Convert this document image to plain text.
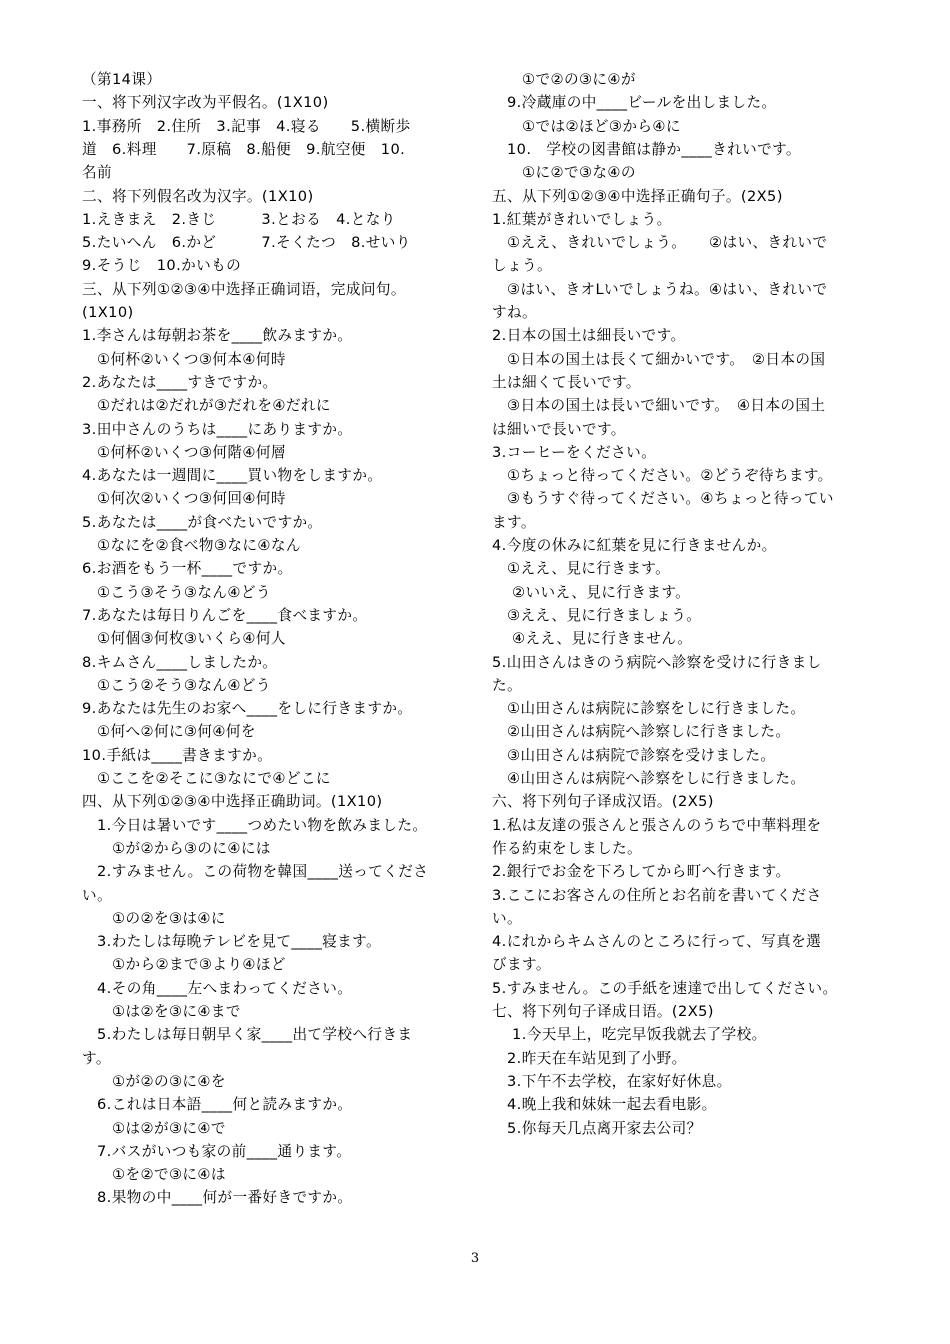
（第14课）
一、将下列汉字改为平假名。(1X10)
1.事務所　2.住所　3.記事　4.寝る　　5.横断歩
道　6.料理　　7.原稿　8.船便　9.航空便　10.
名前
二、将下列假名改为汉字。(1X10)
1.えきまえ　2.きじ　　　3.とおる　4.となり
5.たいへん　6.かど　　　7.そくたつ　8.せいり
9.そうじ　10.かいもの
三、从下列①②③④中选择正确词语，完成问句。
(1X10)
1.李さんは毎朝お茶を____飲みますか。
　①何杯②いくつ③何本④何時
2.あなたは____すきですか。
　①だれは②だれが③だれを④だれに
3.田中さんのうちは____にありますか。
　①何杯②いくつ③何階④何層
4.あなたは一週間に____買い物をしますか。
　①何次②いくつ③何回④何時
5.あなたは____が食べたいですか。
　①なにを②食べ物③なに④なん
6.お酒をもう一杯____ですか。
　①こう③そう③なん④どう
7.あなたは毎日りんごを____食べますか。
　①何個③何枚③いくら④何人
8.キムさん____しましたか。
　①こう②そう③なん④どう
9.あなたは先生のお家へ____をしに行きますか。
　①何へ②何に③何④何を
10.手紙は____書きますか。
　①ここを②そこに③なにで④どこに
四、从下列①②③④中选择正确助词。(1X10)
　1.今日は暑いです____つめたい物を飲みました。
　　①が②から③のに④には
　2.すみません。この荷物を韓国____送ってくださ
い。
　　①の②を③は④に
　3.わたしは毎晩テレビを見て____寝ます。
　　①から②まで③より④ほど
　4.その角____左へまわってください。
　　①は②を③に④まで
　5.わたしは毎日朝早く家____出て学校へ行きま
す。
　　①が②の③に④を
　6.これは日本語____何と読みますか。
　　①は②が③に④で
　7.バスがいつも家の前____通ります。
　　①を②で③に④は
　8.果物の中____何が一番好きですか。
　　①で②の③に④が
　9.冷蔵庫の中____ビールを出しました。
　　①では②ほど③から④に
　10.　学校の図書館は静か____きれいです。
　　①に②で③な④の
五、从下列①②③④中选择正确句子。(2X5)
1.紅葉がきれいでしょう。
　①ええ、きれいでしょう。　　②はい、きれいで
しょう。
　③はい、きオLいでしょうね。④はい、きれいで
すね。
2.日本の国土は細長いです。
　①日本の国土は長くて細かいです。　②日本の国
土は細くて長いです。
　③日本の国土は長いで細いです。　④日本の国土
は細いで長いです。
3.コーヒーをください。
　①ちょっと待ってください。②どうぞ待ちます。
　③もうすぐ待ってください。④ちょっと待ってい
ます。
4.今度の休みに紅葉を見に行きませんか。
　①ええ、見に行きます。
　 ②いいえ、見に行きます。
　③ええ、見に行きましょう。
　 ④ええ、見に行きません。
5.山田さんはきのう病院へ診察を受けに行きまし
た。
　①山田さんは病院に診察をしに行きました。
　②山田さんは病院へ診察しに行きました。
　③山田さんは病院で診察を受けました。
　④山田さんは病院へ診察をしに行きました。
六、将下列句子译成汉语。(2X5)
1.私は友達の張さんと張さんのうちで中華料理を
作る約束をしました。
2.銀行でお金を下ろしてから町へ行きます。
3.ここにお客さんの住所とお名前を書いてくださ
い。
4.にれからキムさんのところに行って、写真を選
びます。
5.すみません。この手紙を速達で出してください。
七、将下列句子译成日语。(2X5)
　 1.今天早上，吃完早饭我就去了学校。
　2.昨天在车站见到了小野。
　3.下午不去学校，在家好好休息。
　4.晚上我和妹妹一起去看电影。
　5.你每天几点离开家去公司？
3
